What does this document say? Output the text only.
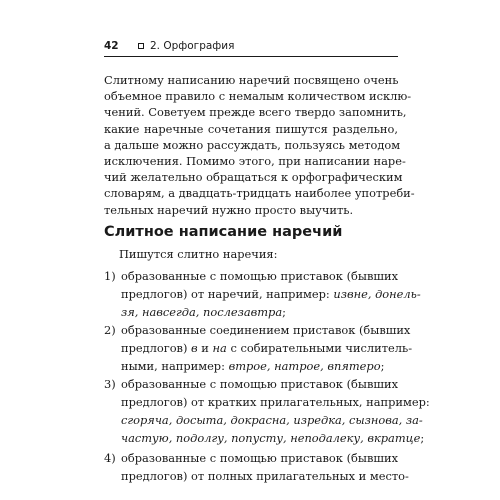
42	2. Орфография
Слитному написанию наречий посвящено очень
объемное правило с немалым количеством исклю-
чений. Советуем прежде всего твердо запомнить,
какие наречные сочетания пишутся раздельно,
а дальше можно рассуждать, пользуясь методом
исключения. Помимо этого, при написании наре-
чий желательно обращаться к орфографическим
словарям, а двадцать-тридцать наиболее употреби-
тельных наречий нужно просто выучить.
Слитное написание наречий
Пишутся слитно наречия:
1) образованные с помощью приставок (бывших
предлогов) от наречий, например: извне, донель-
зя, навсегда, послезавтра;
2) образованные соединением приставок (бывших
предлогов) в и на с собирательными числитель-
ными, например: втрое, натрое, впятеро;
3) образованные с помощью приставок (бывших
предлогов) от кратких прилагательных, например:
сгоряча, досыта, докрасна, изредка, сызнова, за-
частую, подолгу, попусту, неподалеку, вкратце;
4) образованные с помощью приставок (бывших
предлогов) от полных прилагательных и место-
